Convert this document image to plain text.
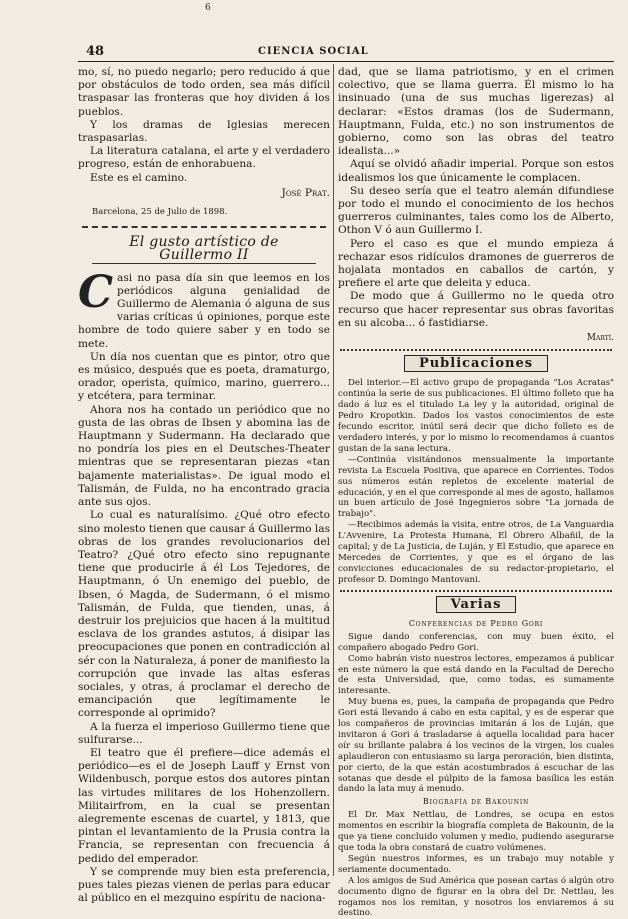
6
48	CIENCIA SOCIAL

mo, sí, no puedo negarlo; pero reducido á que por obstáculos de todo orden, sea más difícil traspasar las fronteras que hoy dividen á los pueblos.

Y los dramas de Iglesias merecen traspasarlas.

La literatura catalana, el arte y el verdadero progreso, están de enhorabuena.

Este es el camino.

José Prat.

Barcelona, 25 de Julio de 1898.

El gusto artístico de Guillermo II
C asi no pasa día sin que leemos en los periódicos alguna genialidad de Guillermo de Alemania ó alguna de sus varias críticas ú opiniones, porque este hombre de todo quiere saber y en todo se mete.

Un día nos cuentan que es pintor, otro que es músico, después que es poeta, dramaturgo, orador, operista, químico, marino, guerrero... y etcétera, para terminar.

Ahora nos ha contado un periódico que no gusta de las obras de Ibsen y abomina las de Hauptmann y Sudermann. Ha declarado que no pondría los pies en el Deutsches-Theater mientras que se representaran piezas «tan bajamente materialistas». De igual modo el Talismán, de Fulda, no ha encontrado gracia ante sus ojos.

Lo cual es naturalísimo. ¿Qué otro efecto sino molesto tienen que causar á Guillermo las obras de los grandes revolucionarios del Teatro? ¿Qué otro efecto sino repugnante tiene que producirle á él Los Tejedores, de Hauptmann, ó Un enemigo del pueblo, de Ibsen, ó Magda, de Sudermann, ó el mismo Talismán, de Fulda, que tienden, unas, á destruir los prejuicios que hacen á la multitud esclava de los grandes astutos, á disipar las preocupaciones que ponen en contradicción al sér con la Naturaleza, á poner de manifiesto la corrupción que invade las altas esferas sociales, y otras, á proclamar el derecho de emancipación que legítimamente le corresponde al oprimido?

A la fuerza el imperioso Guillermo tiene que sulfurarse...

El teatro que él prefiere—dice además el periódico—es el de Joseph Lauff y Ernst von Wildenbusch, porque estos dos autores pintan las virtudes militares de los Hohenzollern. Militairfrom, en la cual se presentan alegremente escenas de cuartel, y 1813, que pintan el levantamiento de la Prusia contra la Francia, se representan con frecuencia á pedido del emperador.

Y se comprende muy bien esta preferencia, pues tales piezas vienen de perlas para educar al público en el mezquino espíritu de naciona-

dad, que se llama patriotismo, y en el crimen colectivo, que se llama guerra. Él mismo lo ha insinuado (una de sus muchas ligerezas) al declarar: «Estos dramas (los de Sudermann, Hauptmann, Fulda, etc.) no son instrumentos de gobierno, como son las obras del teatro idealista...»

Aquí se olvidó añadir imperial. Porque son estos idealismos los que únicamente le complacen.

Su deseo sería que el teatro alemán difundiese por todo el mundo el conocimiento de los hechos guerreros culminantes, tales como los de Alberto, Othon V ó aun Guillermo I.

Pero el caso es que el mundo empieza á rechazar esos ridículos dramones de guerreros de hojalata montados en caballos de cartón, y prefiere el arte que deleita y educa.

De modo que á Guillermo no le queda otro recurso que hacer representar sus obras favoritas en su alcoba... ó fastidiarse.

Martí.
Publicaciones

Del interior.—El activo grupo de propaganda "Los Acratas" continúa la serie de sus publicaciones. El último folleto que ha dado á luz es el titulado La ley y la autoridad, original de Pedro Kropotkin. Dados los vastos conocimientos de este fecundo escritor, inútil será decir que dicho folleto es de verdadero interés, y por lo mismo lo recomendamos á cuantos gustan de la sana lectura.

—Continúa visitándonos mensualmente la importante revista La Escuela Positiva, que aparece en Corrientes. Todos sus números están repletos de excelente material de educación, y en el que corresponde al mes de agosto, hallamos un buen artículo de José Ingegnieros sobre "La jornada de trabajo".

—Recibimos además la visita, entre otros, de La Vanguardia L'Avvenire, La Protesta Humana, El Obrero Albañil, de la capital; y de La Justicia, de Luján, y El Estudio, que aparece en Mercedes de Corrientes, y que es el órgano de las convicciones educacionales de su redactor-propietario, el profesor D. Domingo Mantovani.

Varias
Conferencias de Pedro Gori

Sigue dando conferencias, con muy buen éxito, el compañero abogado Pedro Gori.

Como habrán visto nuestros lectores, empezamos á publicar en este número la que está dando en la Facultad de Derecho de esta Universidad, que, como todas, es sumamente interesante.

Muy buena es, pues, la campaña de propaganda que Pedro Gori está llevando á cabo en esta capital, y es de esperar que los compañeros de provincias imitarán á los de Luján, que invitaron á Gori á trasladarse á aquella localidad para hacer oír su brillante palabra á los vecinos de la virgen, los cuales aplaudieron con entusiasmo su larga peroración, bien distinta, por cierto, de la que están acostumbrados á escuchar de las sotanas que desde el púlpito de la famosa basílica les están dando la lata muy á menudo.

Biografía de Bakounin

El Dr. Max Nettlau, de Londres, se ocupa en estos momentos en escribir la biografía completa de Bakounin, de la que ya tiene concluido volumen y medio, pudiendo asegurarse que toda la obra constará de cuatro volúmenes.

Según nuestros informes, es un trabajo muy notable y seriamente documentado.

A los amigos de Sud América que posean cartas ó algún otro documento digno de figurar en la obra del Dr. Nettlau, les rogamos nos los remitan, y nosotros los enviaremos á su destino.
